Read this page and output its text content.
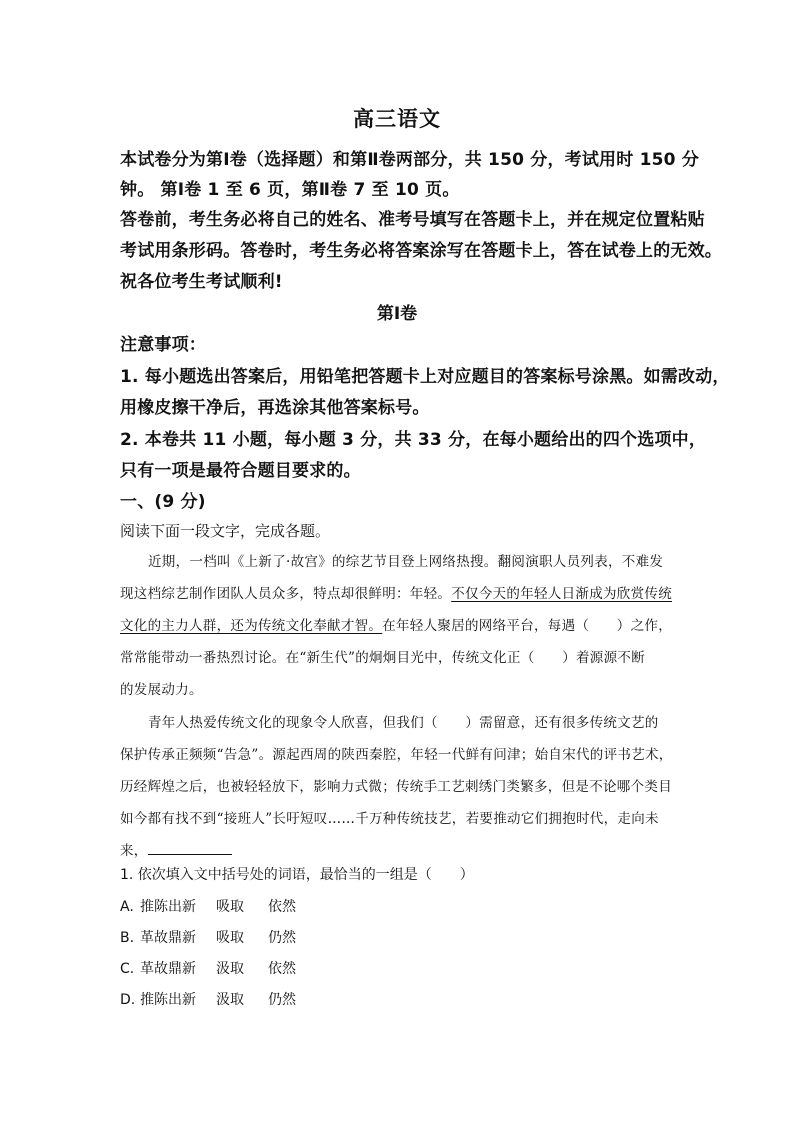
高三语文
本试卷分为第Ⅰ卷（选择题）和第Ⅱ卷两部分，共 150 分，考试用时 150 分
钟。 第Ⅰ卷 1 至 6 页，第Ⅱ卷 7 至 10 页。
答卷前，考生务必将自己的姓名、准考号填写在答题卡上，并在规定位置粘贴
考试用条形码。答卷时，考生务必将答案涂写在答题卡上，答在试卷上的无效。
祝各位考生考试顺利!
第Ⅰ卷
注意事项：
1. 每小题选出答案后，用铅笔把答题卡上对应题目的答案标号涂黑。如需改动，
用橡皮擦干净后，再选涂其他答案标号。
2. 本卷共 11 小题，每小题 3 分，共 33 分，在每小题给出的四个选项中，
只有一项是最符合题目要求的。
一、(9 分)
阅读下面一段文字，完成各题。
近期，一档叫《上新了·故宫》的综艺节目登上网络热搜。翻阅演职人员列表，不难发
现这档综艺制作团队人员众多，特点却很鲜明：年轻。不仅今天的年轻人日渐成为欣赏传统
文化的主力人群，还为传统文化奉献才智。在年轻人聚居的网络平台，每遇（　　）之作，
常常能带动一番热烈讨论。在“新生代”的炯炯目光中，传统文化正（　　）着源源不断
的发展动力。
青年人热爱传统文化的现象令人欣喜，但我们（　　）需留意，还有很多传统文艺的
保护传承正频频“告急”。源起西周的陕西秦腔，年轻一代鲜有问津；始自宋代的评书艺术，
历经辉煌之后，也被轻轻放下，影响力式微；传统手工艺刺绣门类繁多，但是不论哪个类目
如今都有找不到“接班人”长吁短叹……千万种传统技艺，若要推动它们拥抱时代，走向未
来，
1. 依次填入文中括号处的词语，最恰当的一组是（　　）
A. 推陈出新 吸取 依然
B. 革故鼎新 吸取 仍然
C. 革故鼎新 汲取 依然
D. 推陈出新 汲取 仍然
